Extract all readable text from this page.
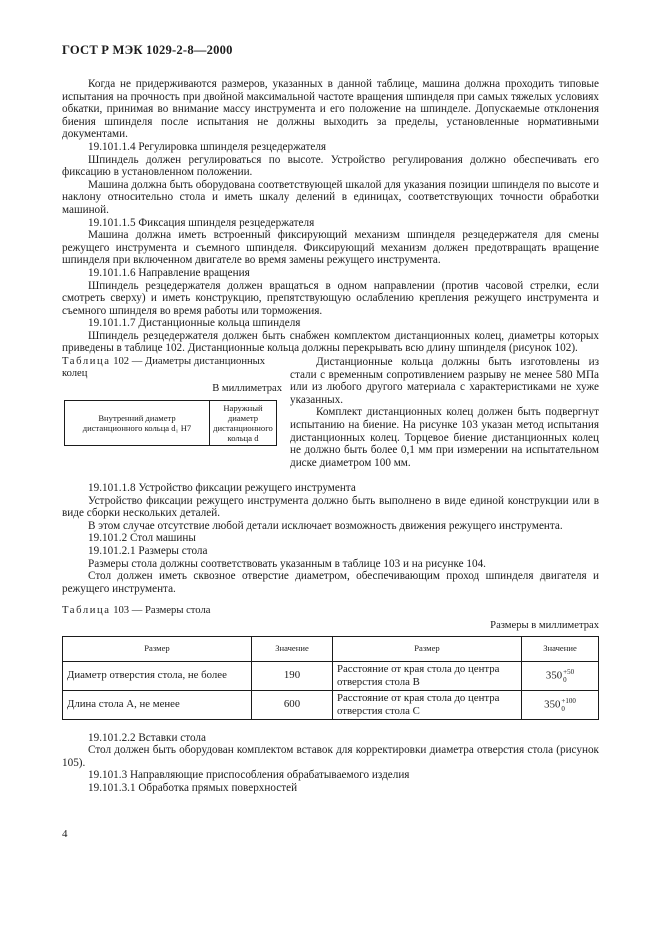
ГОСТ Р МЭК 1029-2-8—2000

Когда не придерживаются размеров, указанных в данной таблице, машина должна проходить типовые испытания на прочность при двойной максимальной частоте вращения шпинделя при самых тяжелых условиях обкатки, принимая во внимание массу инструмента и его положение на шпинделе. Допускаемые отклонения биения шпинделя после испытания не должны выходить за пределы, установленные нормативными документами.

19.101.1.4 Регулировка шпинделя резцедержателя

Шпиндель должен регулироваться по высоте. Устройство регулирования должно обеспечивать его фиксацию в установленном положении.

Машина должна быть оборудована соответствующей шкалой для указания позиции шпинделя по высоте и наклону относительно стола и иметь шкалу делений в единицах, соответствующих точности обработки машиной.

19.101.1.5 Фиксация шпинделя резцедержателя

Машина должна иметь встроенный фиксирующий механизм шпинделя резцедержателя для смены режущего инструмента и съемного шпинделя. Фиксирующий механизм должен предотвращать вращение шпинделя при включенном двигателе во время замены режущего инструмента.

19.101.1.6 Направление вращения

Шпиндель резцедержателя должен вращаться в одном направлении (против часовой стрелки, если смотреть сверху) и иметь конструкцию, препятствующую ослаблению крепления режущего инструмента и съемного шпинделя во время работы или торможения.

19.101.1.7 Дистанционные кольца шпинделя

Шпиндель резцедержателя должен быть снабжен комплектом дистанционных колец, диаметры которых приведены в таблице 102. Дистанционные кольца должны перекрывать всю длину шпинделя (рисунок 102).

Таблица 102 — Диаметры дистанционных колец
В миллиметрах
Внутренний диаметр дистанционного кольца d₁ H7	Наружный диаметр дистанционного кольца d

Дистанционные кольца должны быть изготовлены из стали с временным сопротивлением разрыву не менее 580 МПа или из любого другого материала с характеристиками не хуже указанных.

Комплект дистанционных колец должен быть подвергнут испытанию на биение. На рисунке 103 указан метод испытания дистанционных колец. Торцевое биение дистанционных колец не должно быть более 0,1 мм при измерении на испытательном диске диаметром 100 мм.

19.101.1.8 Устройство фиксации режущего инструмента

Устройство фиксации режущего инструмента должно быть выполнено в виде единой конструкции или в виде сборки нескольких деталей.

В этом случае отсутствие любой детали исключает возможность движения режущего инструмента.

19.101.2 Стол машины

19.101.2.1 Размеры стола

Размеры стола должны соответствовать указанным в таблице 103 и на рисунке 104.

Стол должен иметь сквозное отверстие диаметром, обеспечивающим проход шпинделя двигателя и режущего инструмента.

Таблица 103 — Размеры стола
Размеры в миллиметрах
Размер	Значение	Размер	Значение
Диаметр отверстия стола, не более	190	Расстояние от края стола до центра отверстия стола B	350+50
0
Длина стола A, не менее	600	Расстояние от края стола до центра отверстия стола C	350+100
0

19.101.2.2 Вставки стола

Стол должен быть оборудован комплектом вставок для корректировки диаметра отверстия стола (рисунок 105).

19.101.3 Направляющие приспособления обрабатываемого изделия

19.101.3.1 Обработка прямых поверхностей

4
